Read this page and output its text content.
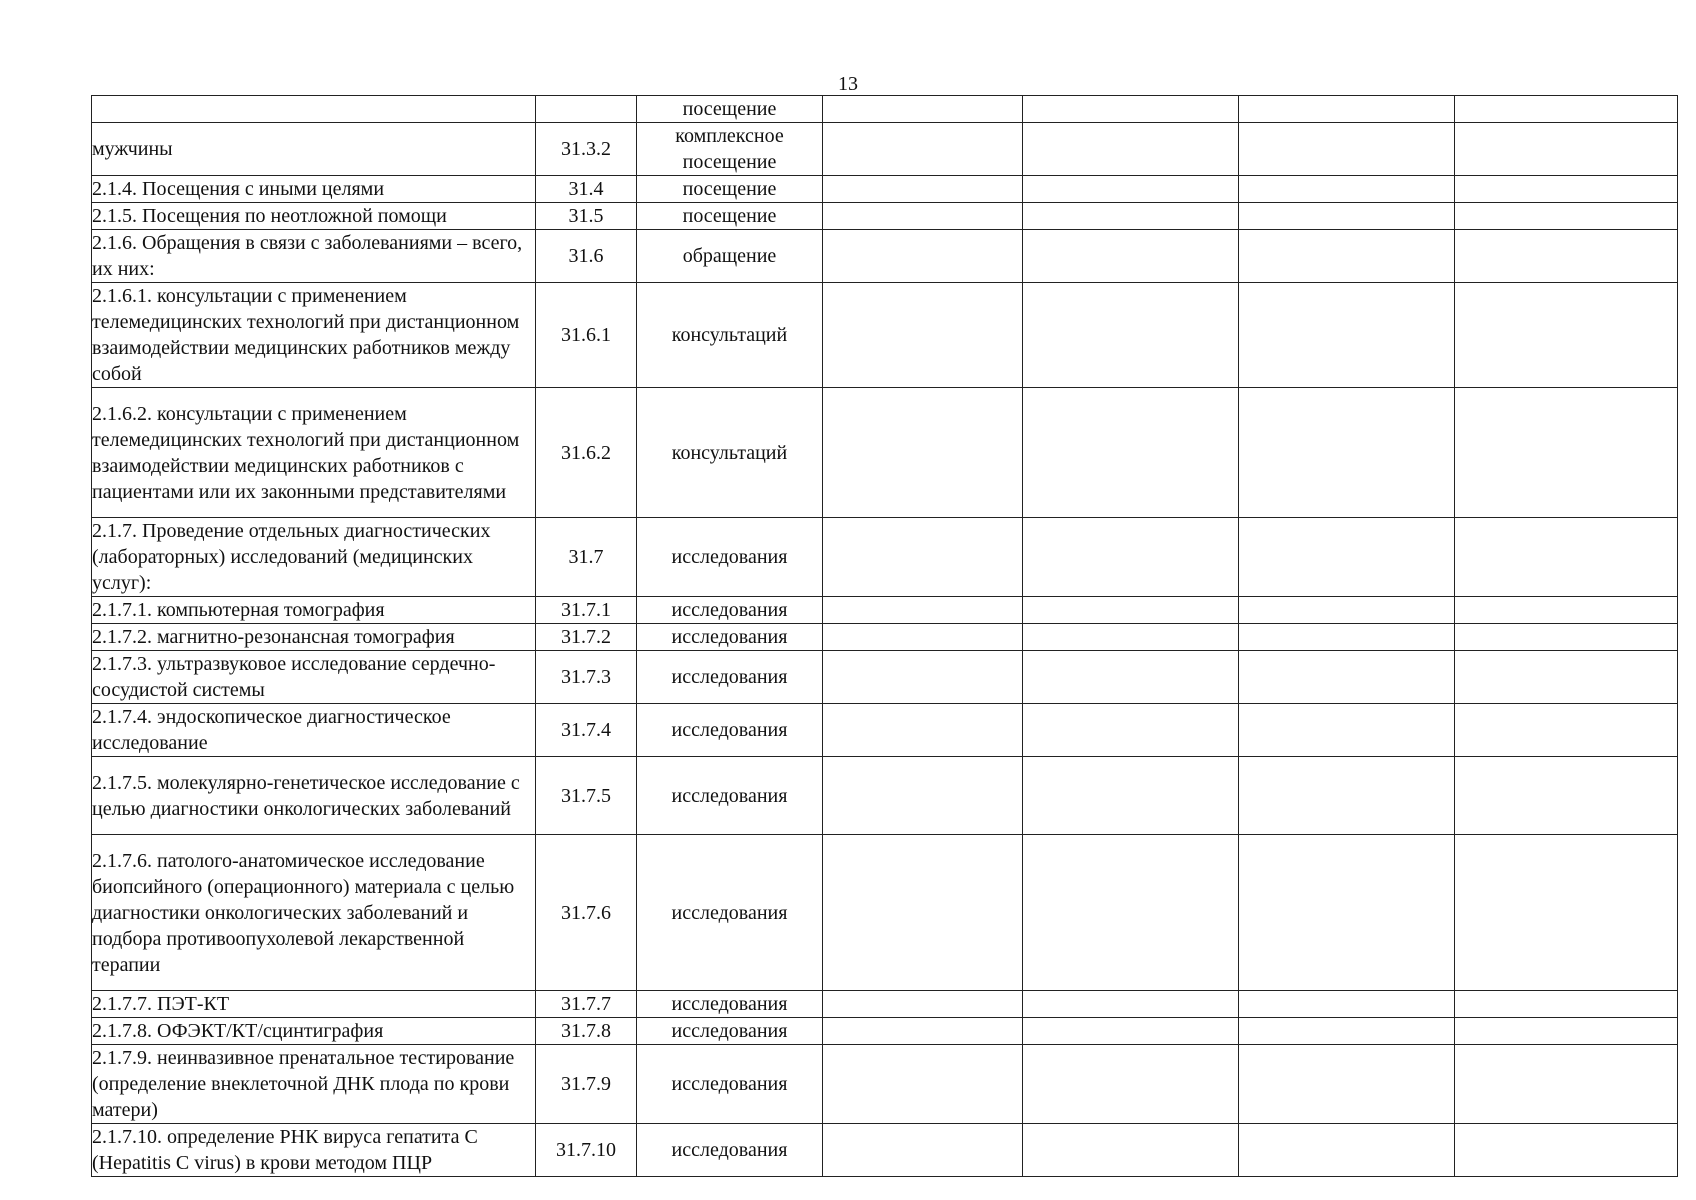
13
		посещение				
мужчины	31.3.2	комплексное посещение				
2.1.4. Посещения с иными целями	31.4	посещение				
2.1.5. Посещения по неотложной помощи	31.5	посещение				
2.1.6. Обращения в связи с заболеваниями – всего, их них:	31.6	обращение				
2.1.6.1. консультации с применением телемедицинских технологий при дистанционном взаимодействии медицинских работников между собой	31.6.1	консультаций				
2.1.6.2. консультации с применением телемедицинских технологий при дистанционном взаимодействии медицинских работников с пациентами или их законными представителями	31.6.2	консультаций				
2.1.7. Проведение отдельных диагностических (лабораторных) исследований (медицинских услуг):	31.7	исследования				
2.1.7.1. компьютерная томография	31.7.1	исследования				
2.1.7.2. магнитно-резонансная томография	31.7.2	исследования				
2.1.7.3. ультразвуковое исследование сердечно-сосудистой системы	31.7.3	исследования				
2.1.7.4. эндоскопическое диагностическое исследование	31.7.4	исследования				
2.1.7.5. молекулярно-генетическое исследование с целью диагностики онкологических заболеваний	31.7.5	исследования				
2.1.7.6. патолого-анатомическое исследование биопсийного (операционного) материала с целью диагностики онкологических заболеваний и подбора противоопухолевой лекарственной терапии	31.7.6	исследования				
2.1.7.7. ПЭТ-КТ	31.7.7	исследования				
2.1.7.8. ОФЭКТ/КТ/сцинтиграфия	31.7.8	исследования				
2.1.7.9. неинвазивное пренатальное тестирование (определение внеклеточной ДНК плода по крови матери)	31.7.9	исследования				
2.1.7.10. определение РНК вируса гепатита С (Hepatitis C virus) в крови методом ПЦР	31.7.10	исследования				
